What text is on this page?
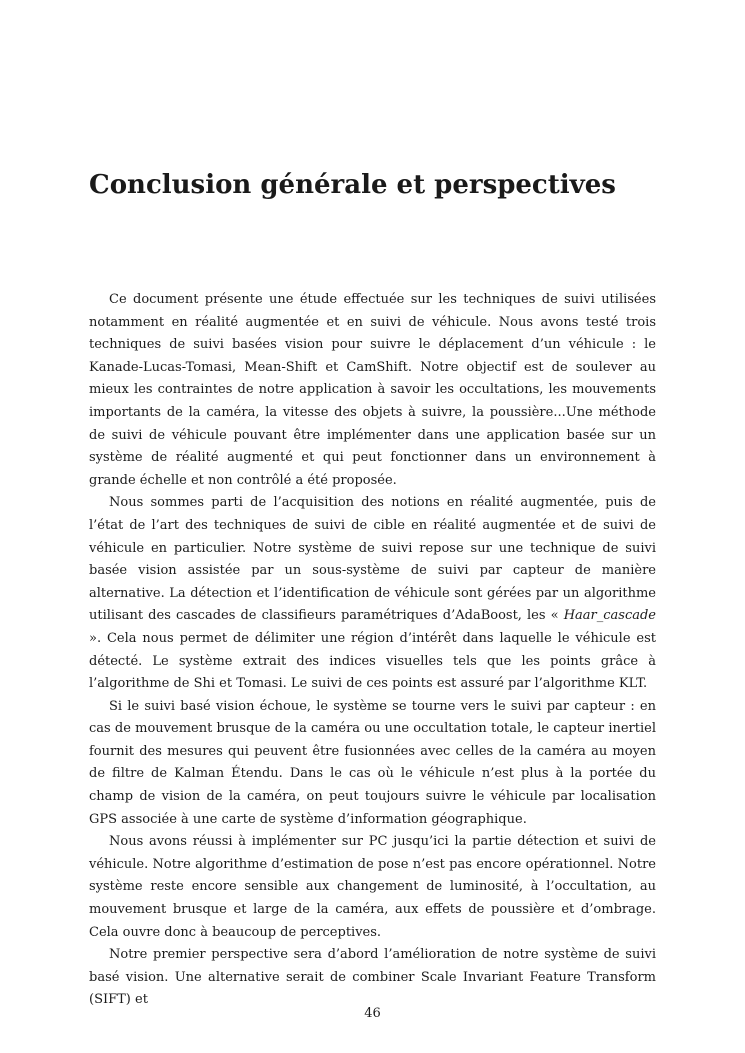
Conclusion générale et perspectives

Ce document présente une étude effectuée sur les techniques de suivi utilisées notamment en réalité augmentée et en suivi de véhicule. Nous avons testé trois techniques de suivi basées vision pour suivre le déplacement d’un véhicule : le Kanade-Lucas-Tomasi, Mean-Shift et CamShift. Notre objectif est de soulever au mieux les contraintes de notre application à savoir les occultations, les mouvements importants de la caméra, la vitesse des objets à suivre, la poussière...Une méthode de suivi de véhicule pouvant être implémenter dans une application basée sur un système de réalité augmenté et qui peut fonctionner dans un environnement à grande échelle et non contrôlé a été proposée.

Nous sommes parti de l’acquisition des notions en réalité augmentée, puis de l’état de l’art des techniques de suivi de cible en réalité augmentée et de suivi de véhicule en particulier. Notre système de suivi repose sur une technique de suivi basée vision assistée par un sous-système de suivi par capteur de manière alternative. La détection et l’identification de véhicule sont gérées par un algorithme utilisant des cascades de classifieurs paramétriques d’AdaBoost, les « Haar_cascade ». Cela nous permet de délimiter une région d’intérêt dans laquelle le véhicule est détecté. Le système extrait des indices visuelles tels que les points grâce à l’algorithme de Shi et Tomasi. Le suivi de ces points est assuré par l’algorithme KLT.

Si le suivi basé vision échoue, le système se tourne vers le suivi par capteur : en cas de mouvement brusque de la caméra ou une occultation totale, le capteur inertiel fournit des mesures qui peuvent être fusionnées avec celles de la caméra au moyen de filtre de Kalman Étendu. Dans le cas où le véhicule n’est plus à la portée du champ de vision de la caméra, on peut toujours suivre le véhicule par localisation GPS associée à une carte de système d’information géographique.

Nous avons réussi à implémenter sur PC jusqu’ici la partie détection et suivi de véhicule. Notre algorithme d’estimation de pose n’est pas encore opérationnel. Notre système reste encore sensible aux changement de luminosité, à l’occultation, au mouvement brusque et large de la caméra, aux effets de poussière et d’ombrage. Cela ouvre donc à beaucoup de perceptives.

Notre premier perspective sera d’abord l’amélioration de notre système de suivi basé vision. Une alternative serait de combiner Scale Invariant Feature Transform (SIFT) et

46
